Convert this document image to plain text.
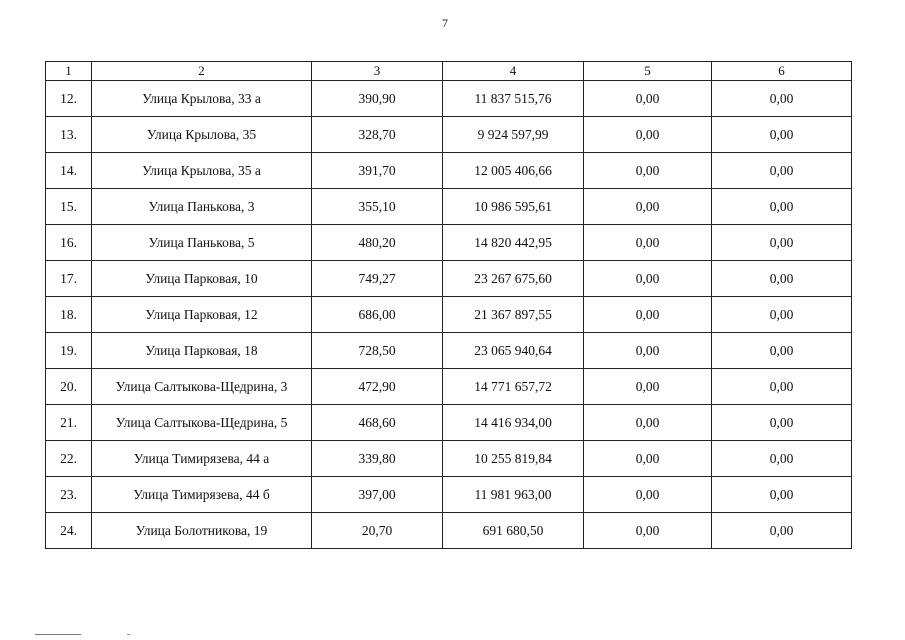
7
1	2	3	4	5	6
12.	Улица Крылова, 33 а	390,90	11 837 515,76	0,00	0,00
13.	Улица Крылова, 35	328,70	9 924 597,99	0,00	0,00
14.	Улица Крылова, 35 а	391,70	12 005 406,66	0,00	0,00
15.	Улица Панькова, 3	355,10	10 986 595,61	0,00	0,00
16.	Улица Панькова, 5	480,20	14 820 442,95	0,00	0,00
17.	Улица Парковая, 10	749,27	23 267 675,60	0,00	0,00
18.	Улица Парковая, 12	686,00	21 367 897,55	0,00	0,00
19.	Улица Парковая, 18	728,50	23 065 940,64	0,00	0,00
20.	Улица Салтыкова-Щедрина, 3	472,90	14 771 657,72	0,00	0,00
21.	Улица Салтыкова-Щедрина, 5	468,60	14 416 934,00	0,00	0,00
22.	Улица Тимирязева, 44 а	339,80	10 255 819,84	0,00	0,00
23.	Улица Тимирязева, 44 б	397,00	11 981 963,00	0,00	0,00
24.	Улица Болотникова, 19	20,70	691 680,50	0,00	0,00
